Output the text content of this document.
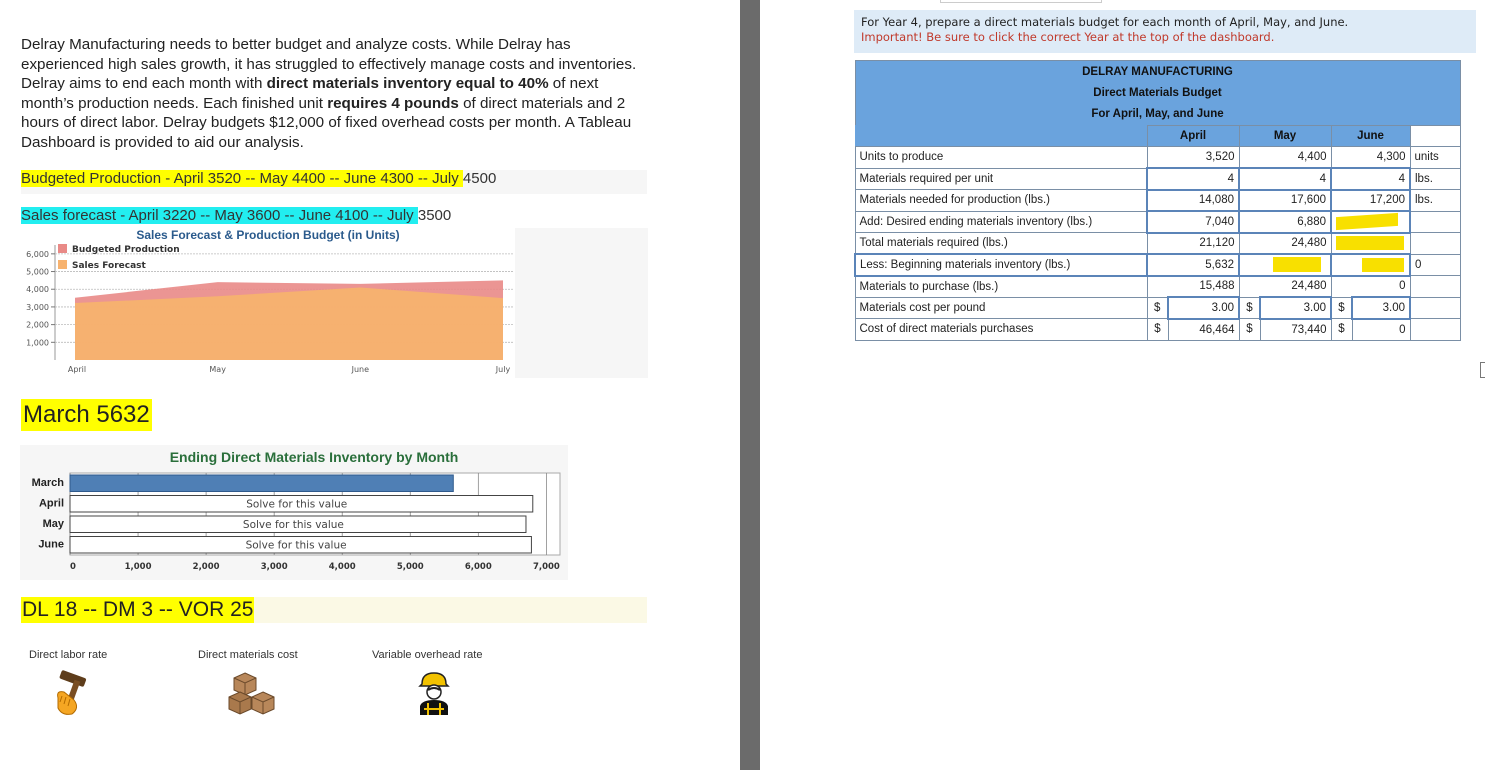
Delray Manufacturing needs to better budget and analyze costs. While Delray has experienced high sales growth, it has struggled to effectively manage costs and inventories. Delray aims to end each month with direct materials inventory equal to 40% of next month’s production needs. Each finished unit requires 4 pounds of direct materials and 2 hours of direct labor. Delray budgets $12,000 of fixed overhead costs per month. A Tableau Dashboard is provided to aid our analysis.
Budgeted Production - April 3520 -- May 4400 -- June 4300 -- July 4500
Sales forecast - April 3220 -- May 3600 -- June 4100 -- July 3500
Sales Forecast & Production Budget (in Units)
1,000
2,000
3,000
4,000
5,000
6,000
April	May	June	July
Budgeted Production
Sales Forecast
March 5632
Ending Direct Materials Inventory by Month
Solve for this value
Solve for this value
Solve for this value
March
April
May
June
0	1,000	2,000	3,000	4,000	5,000	6,000	7,000
DL 18 -- DM 3 -- VOR 25
Direct labor rate	Direct materials cost	Variable overhead rate
For Year 4, prepare a direct materials budget for each month of April, May, and June.
Important! Be sure to click the correct Year at the top of the dashboard.
DELRAY MANUFACTURING							
Direct Materials Budget							
For April, May, and June							
	April		May		June		
Units to produce	3,520		4,400		4,300		units
Materials required per unit	4		4		4		lbs.
Materials needed for production (lbs.)	14,080		17,600		17,200		lbs.
Add: Desired ending materials inventory (lbs.)	7,040		6,880			

Total materials required (lbs.)	21,120		24,480			

Less: Beginning materials inventory (lbs.)	5,632						0
Materials to purchase (lbs.)	15,488		24,480		0		
Materials cost per pound	$	3.00	$	3.00	$	3.00	
Cost of direct materials purchases	$	46,464	$	73,440	$	0	
